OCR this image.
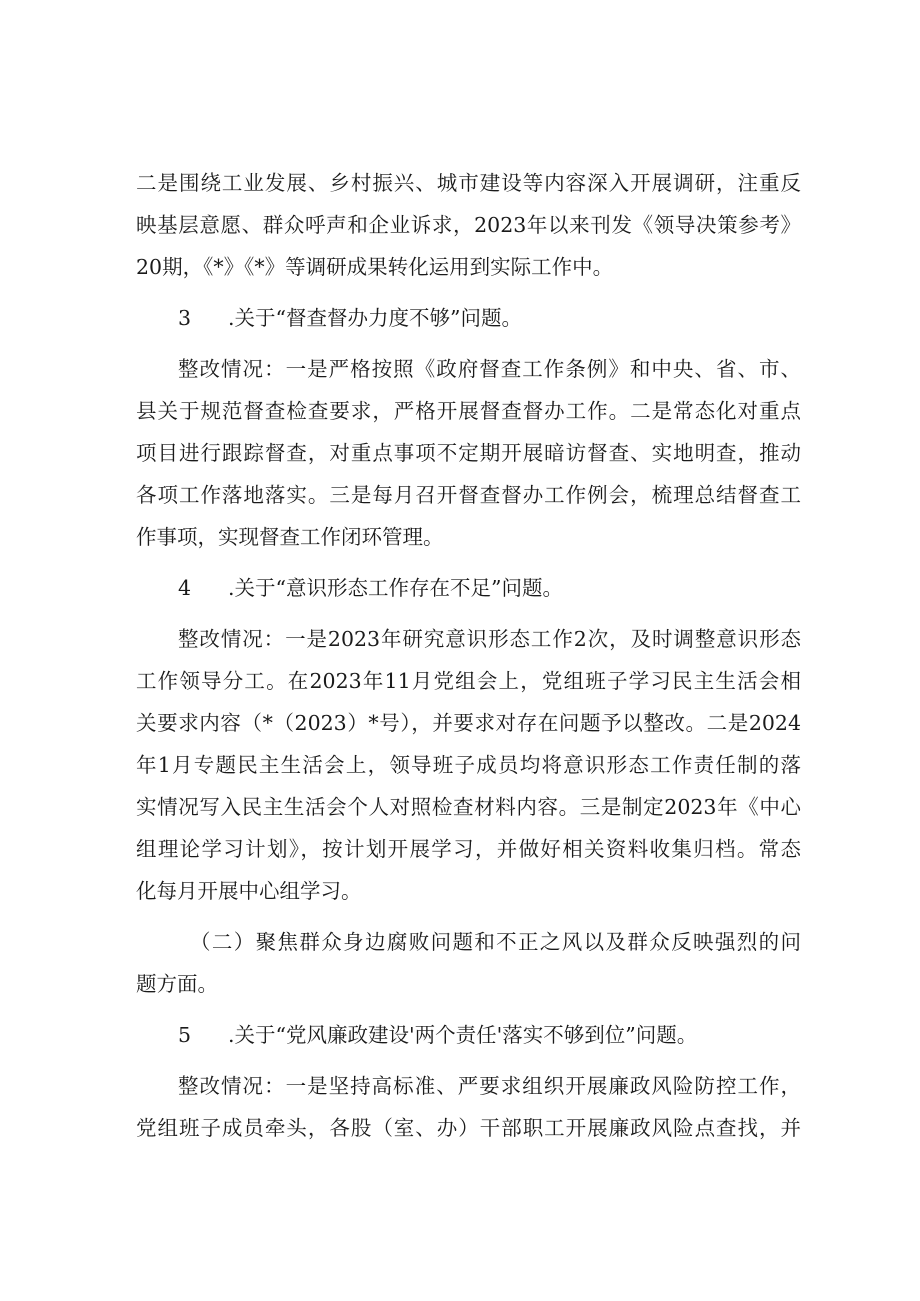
二是围绕工业发展、乡村振兴、城市建设等内容深入开展调研，注重反
映基层意愿、群众呼声和企业诉求，2023年以来刊发《领导决策参考》
20期，《*》《*》等调研成果转化运用到实际工作中。
3 .关于“督查督办力度不够”问题。
整改情况：一是严格按照《政府督查工作条例》和中央、省、市、
县关于规范督查检查要求，严格开展督查督办工作。二是常态化对重点
项目进行跟踪督查，对重点事项不定期开展暗访督查、实地明查，推动
各项工作落地落实。三是每月召开督查督办工作例会，梳理总结督查工
作事项，实现督查工作闭环管理。
4 .关于“意识形态工作存在不足”问题。
整改情况：一是2023年研究意识形态工作2次，及时调整意识形态
工作领导分工。在2023年11月党组会上，党组班子学习民主生活会相
关要求内容（*（2023）*号），并要求对存在问题予以整改。二是2024
年1月专题民主生活会上，领导班子成员均将意识形态工作责任制的落
实情况写入民主生活会个人对照检查材料内容。三是制定2023年《中心
组理论学习计划》，按计划开展学习，并做好相关资料收集归档。常态
化每月开展中心组学习。
（二）聚焦群众身边腐败问题和不正之风以及群众反映强烈的问
题方面。
5 .关于“党风廉政建设'两个责任'落实不够到位”问题。
整改情况：一是坚持高标准、严要求组织开展廉政风险防控工作，
党组班子成员牵头，各股（室、办）干部职工开展廉政风险点查找，并
